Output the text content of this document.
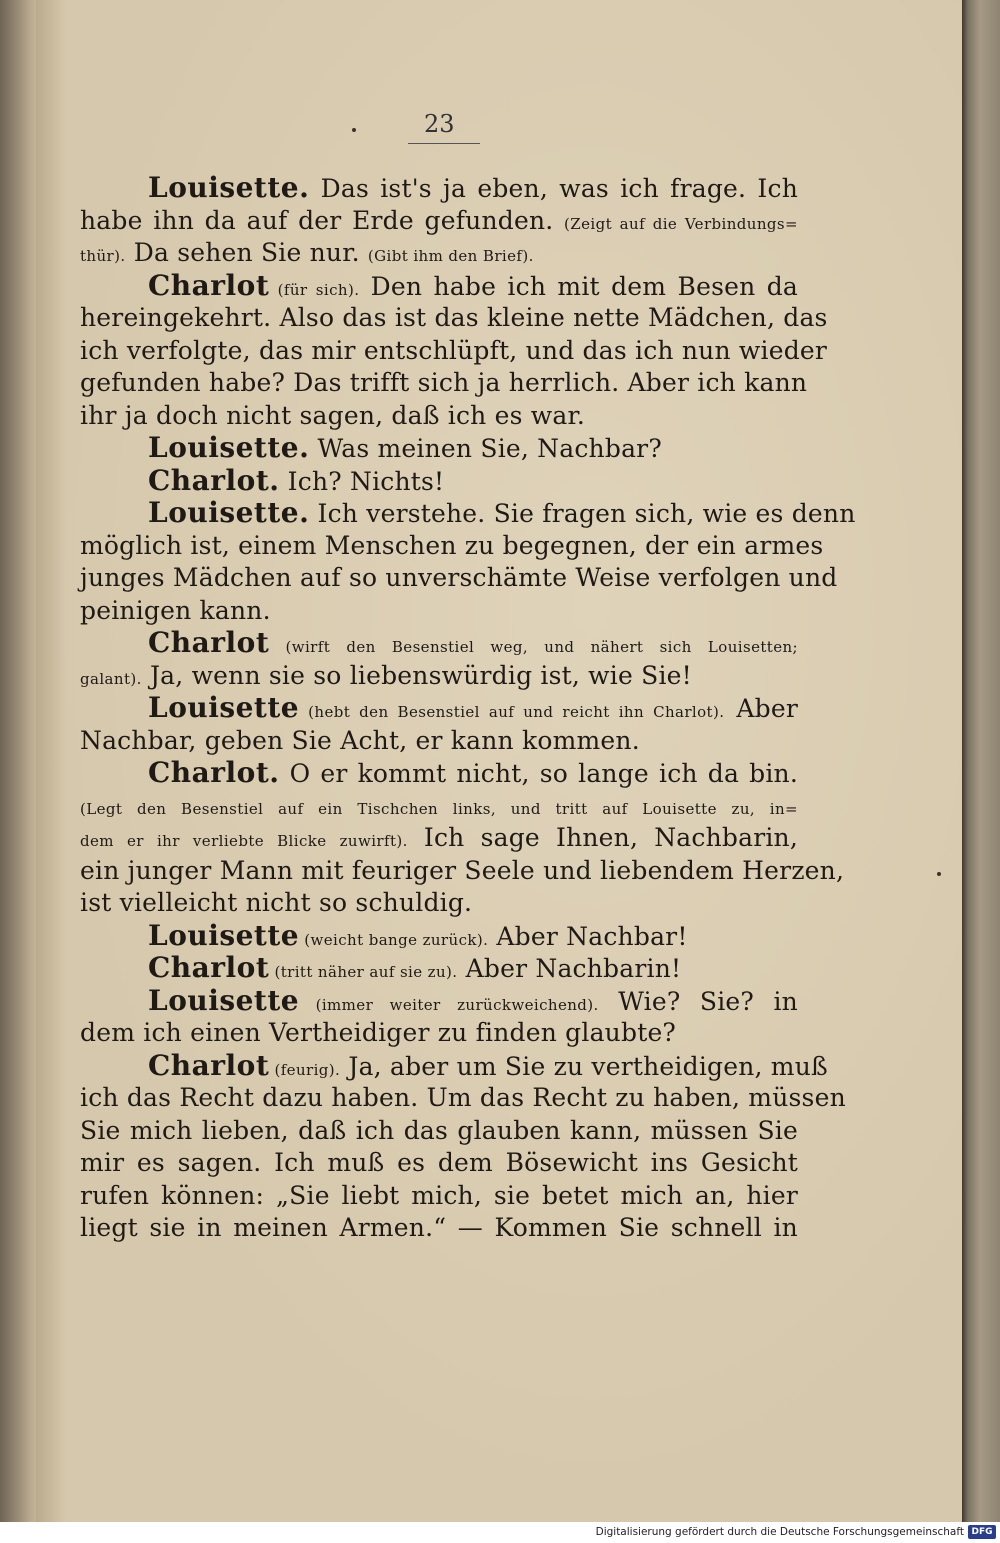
23
Louisette. Das ist's ja eben, was ich frage. Ich
habe ihn da auf der Erde gefunden. (Zeigt auf die Verbindungs=
thür). Da sehen Sie nur. (Gibt ihm den Brief).
Charlot (für sich). Den habe ich mit dem Besen da
hereingekehrt. Also das ist das kleine nette Mädchen, das
ich verfolgte, das mir entschlüpft, und das ich nun wieder
gefunden habe? Das trifft sich ja herrlich. Aber ich kann
ihr ja doch nicht sagen, daß ich es war.
Louisette. Was meinen Sie, Nachbar?
Charlot. Ich? Nichts!
Louisette. Ich verstehe. Sie fragen sich, wie es denn
möglich ist, einem Menschen zu begegnen, der ein armes
junges Mädchen auf so unverschämte Weise verfolgen und
peinigen kann.
Charlot (wirft den Besenstiel weg, und nähert sich Louisetten;
galant). Ja, wenn sie so liebenswürdig ist, wie Sie!
Louisette (hebt den Besenstiel auf und reicht ihn Charlot). Aber
Nachbar, geben Sie Acht, er kann kommen.
Charlot. O er kommt nicht, so lange ich da bin.
(Legt den Besenstiel auf ein Tischchen links, und tritt auf Louisette zu, in=
dem er ihr verliebte Blicke zuwirft). Ich sage Ihnen, Nachbarin,
ein junger Mann mit feuriger Seele und liebendem Herzen,
ist vielleicht nicht so schuldig.
Louisette (weicht bange zurück). Aber Nachbar!
Charlot (tritt näher auf sie zu). Aber Nachbarin!
Louisette (immer weiter zurückweichend). Wie? Sie? in
dem ich einen Vertheidiger zu finden glaubte?
Charlot (feurig). Ja, aber um Sie zu vertheidigen, muß
ich das Recht dazu haben. Um das Recht zu haben, müssen
Sie mich lieben, daß ich das glauben kann, müssen Sie
mir es sagen. Ich muß es dem Bösewicht ins Gesicht
rufen können: „Sie liebt mich, sie betet mich an, hier
liegt sie in meinen Armen.“ — Kommen Sie schnell in
Digitalisierung gefördert durch die Deutsche Forschungsgemeinschaft DFG
